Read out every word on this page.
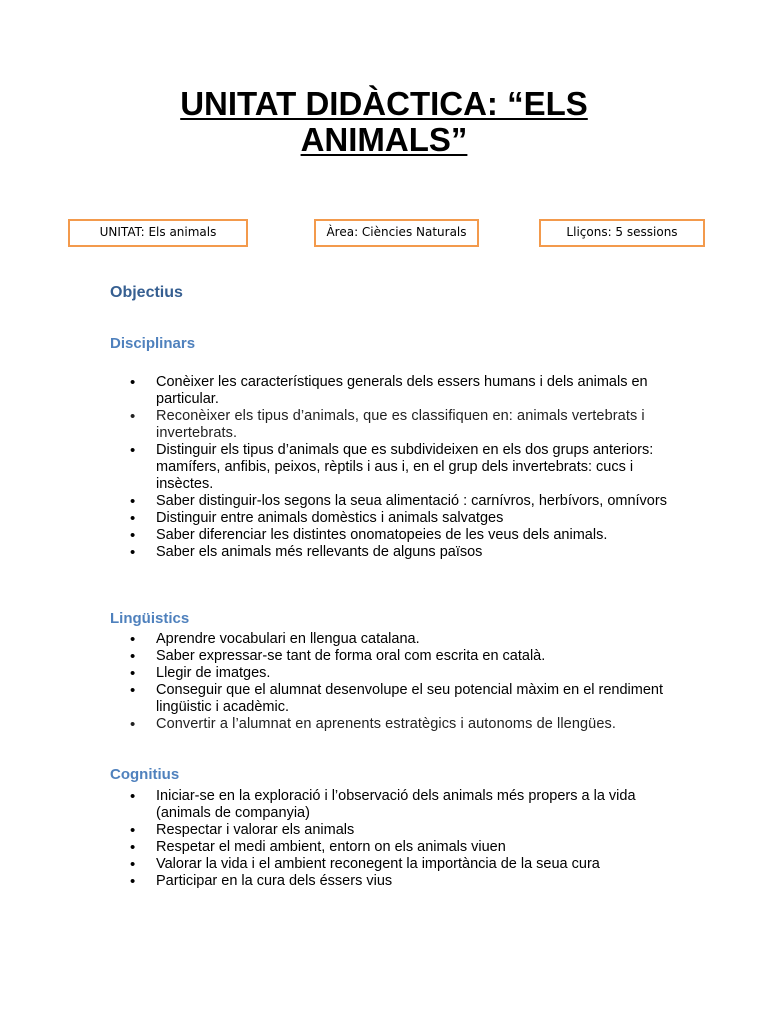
UNITAT DIDÀCTICA: “ELS
ANIMALS”
UNITAT: Els animals	Àrea: Ciències Naturals	Lliçons: 5 sessions
Objectius
Disciplinars
• Conèixer les característiques generals dels essers humans i dels animals en particular.
• Reconèixer els tipus d’animals, que es classifiquen en: animals vertebrats i invertebrats.
• Distinguir els tipus d’animals que es subdivideixen en els dos grups anteriors: mamífers, anfibis, peixos, rèptils i aus i, en el grup dels invertebrats: cucs i insèctes.
• Saber distinguir-los segons la seua alimentació : carnívros, herbívors, omnívors
• Distinguir entre animals domèstics i animals salvatges
• Saber diferenciar les distintes onomatopeies de les veus dels animals.
• Saber els animals més rellevants de alguns països
Lingüistics
• Aprendre vocabulari en llengua catalana.
• Saber expressar-se tant de forma oral com escrita en català.
• Llegir de imatges.
• Conseguir que el alumnat desenvolupe el seu potencial màxim en el rendiment lingüistic i acadèmic.
• Convertir a l’alumnat en aprenents estratègics i autonoms de llengües.
Cognitius
• Iniciar-se en la exploració i l’observació dels animals més propers a la vida (animals de companyia)
• Respectar i valorar els animals
• Respetar el medi ambient, entorn on els animals viuen
• Valorar la vida i el ambient reconegent la importància de la seua cura
• Participar en la cura dels éssers vius
